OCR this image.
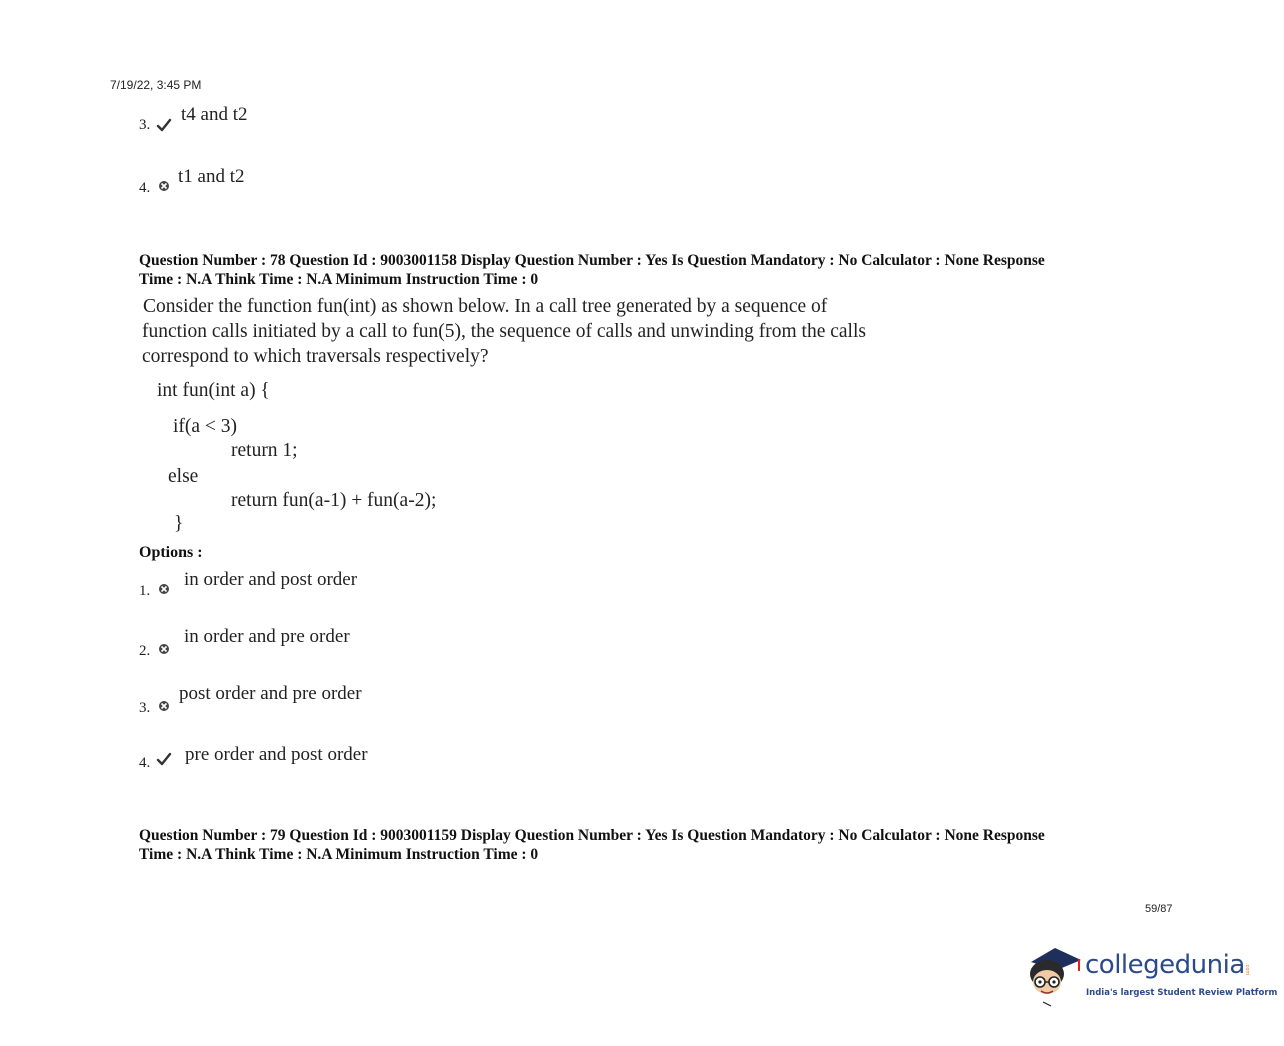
7/19/22, 3:45 PM
3. t4 and t2
4.
t1 and t2
Question Number : 78 Question Id : 9003001158 Display Question Number : Yes Is Question Mandatory : No Calculator : None Response
Time : N.A Think Time : N.A Minimum Instruction Time : 0
Consider the function fun(int) as shown below. In a call tree generated by a sequence of
function calls initiated by a call to fun(5), the sequence of calls and unwinding from the calls
correspond to which traversals respectively?
int fun(int a) {
if(a < 3)
return 1;
else
return fun(a-1) + fun(a-2);
}
Options :
1.
in order and post order
2.
in order and pre order
3.
post order and pre order
4. pre order and post order
Question Number : 79 Question Id : 9003001159 Display Question Number : Yes Is Question Mandatory : No Calculator : None Response
Time : N.A Think Time : N.A Minimum Instruction Time : 0
59/87
collegedunia .com
India's largest Student Review Platform
